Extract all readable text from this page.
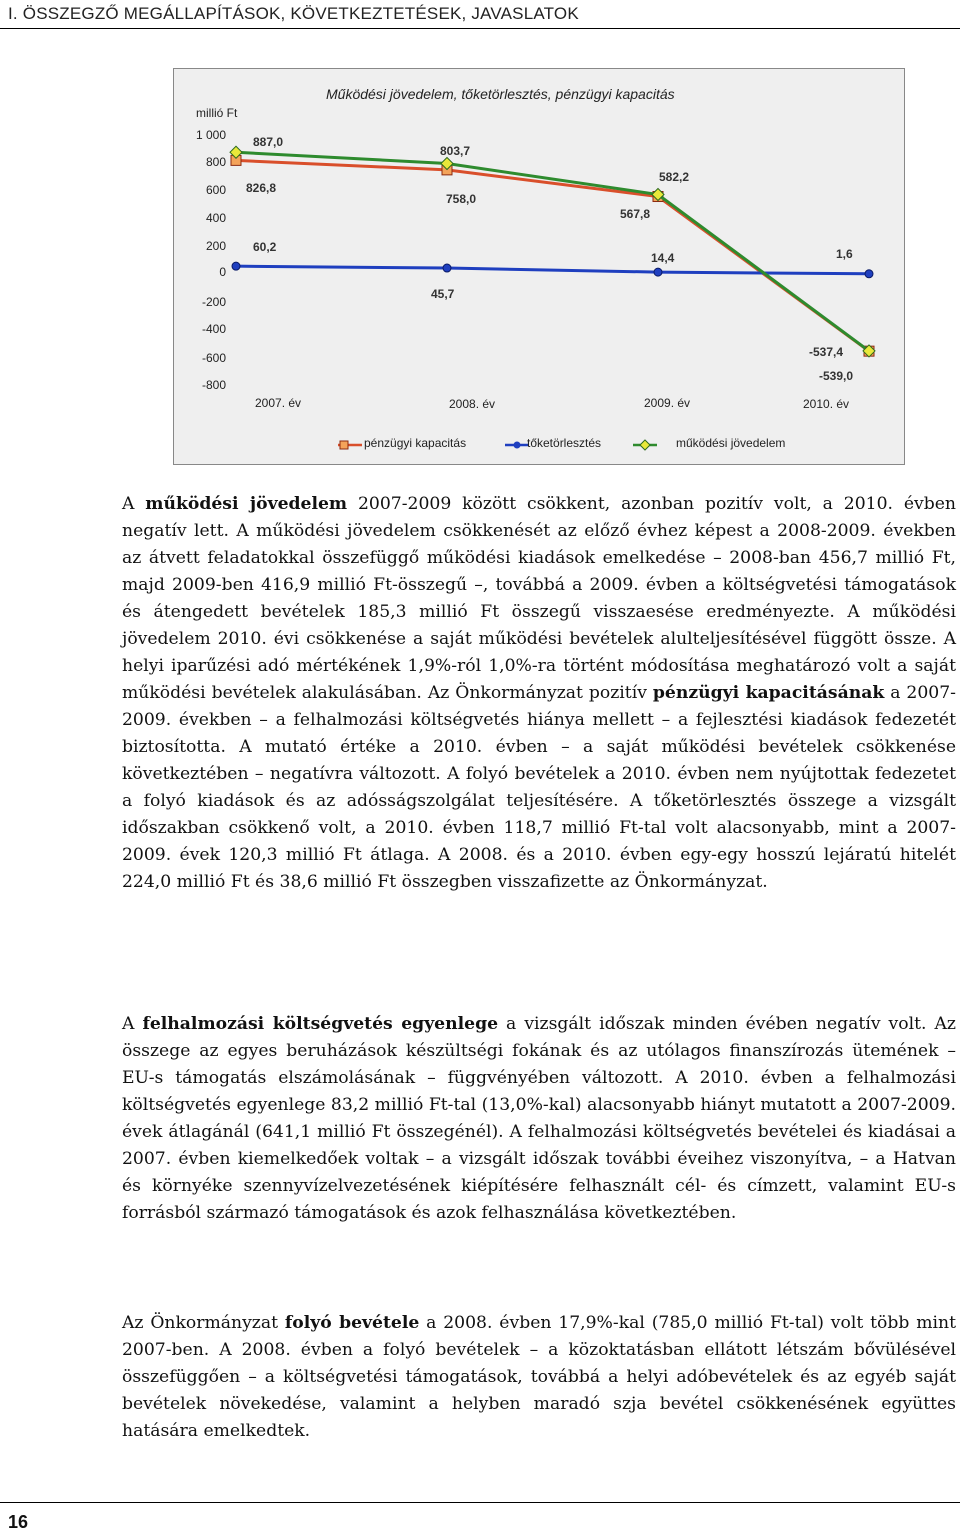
I. ÖSSZEGZŐ MEGÁLLAPÍTÁSOK, KÖVETKEZTETÉSEK, JAVASLATOK
Működési jövedelem, tőketörlesztés, pénzügyi kapacitás
millió Ft
1 000
800
600
400
200
0
-200
-400
-600
-800
2007. év	2008. év	2009. év	2010. év
826,8
758,0
567,8
-539,0
60,2
45,7
14,4	1,6
887,0
803,7
582,2
-537,4
pénzügyi kapacitás	tőketörlesztés	működési jövedelem

A működési jövedelem 2007-2009 között csökkent, azonban pozitív volt, a 2010. évben negatív lett. A működési jövedelem csökkenését az előző évhez képest a 2008-2009. években az átvett feladatokkal összefüggő működési kiadások emelkedése – 2008-ban 456,7 millió Ft, majd 2009-ben 416,9 millió Ft-összegű –, továbbá a 2009. évben a költségvetési támogatások és átengedett bevételek 185,3 millió Ft összegű visszaesése eredményezte. A működési jövedelem 2010. évi csökkenése a saját működési bevételek alulteljesítésével függött össze. A helyi iparűzési adó mértékének 1,9%-ról 1,0%-ra történt módosítása meghatározó volt a saját működési bevételek alakulásában. Az Önkormányzat pozitív pénzügyi kapacitásának a 2007-2009. években – a felhalmozási költségvetés hiánya mellett – a fejlesztési kiadások fedezetét biztosította. A mutató értéke a 2010. évben – a saját működési bevételek csökkenése következtében – negatívra változott. A folyó bevételek a 2010. évben nem nyújtottak fedezetet a folyó kiadások és az adósságszolgálat teljesítésére. A tőketörlesztés összege a vizsgált időszakban csökkenő volt, a 2010. évben 118,7 millió Ft-tal volt alacsonyabb, mint a 2007-2009. évek 120,3 millió Ft átlaga. A 2008. és a 2010. évben egy-egy hosszú lejáratú hitelét 224,0 millió Ft és 38,6 millió Ft összegben visszafizette az Önkormányzat.

A felhalmozási költségvetés egyenlege a vizsgált időszak minden évében negatív volt. Az összege az egyes beruházások készültségi fokának és az utólagos finanszírozás ütemének – EU-s támogatás elszámolásának – függvényében változott. A 2010. évben a felhalmozási költségvetés egyenlege 83,2 millió Ft-tal (13,0%-kal) alacsonyabb hiányt mutatott a 2007-2009. évek átlagánál (641,1 millió Ft összegénél). A felhalmozási költségvetés bevételei és kiadásai a 2007. évben kiemelkedőek voltak – a vizsgált időszak további éveihez viszonyítva, – a Hatvan és környéke szennyvízelvezetésének kiépítésére felhasznált cél- és címzett, valamint EU-s forrásból származó támogatások és azok felhasználása következtében.

Az Önkormányzat folyó bevétele a 2008. évben 17,9%-kal (785,0 millió Ft-tal) volt több mint 2007-ben. A 2008. évben a folyó bevételek – a közoktatásban ellátott létszám bővülésével összefüggően – a költségvetési támogatások, továbbá a helyi adóbevételek és az egyéb saját bevételek növekedése, valamint a helyben maradó szja bevétel csökkenésének együttes hatására emelkedtek.

16
